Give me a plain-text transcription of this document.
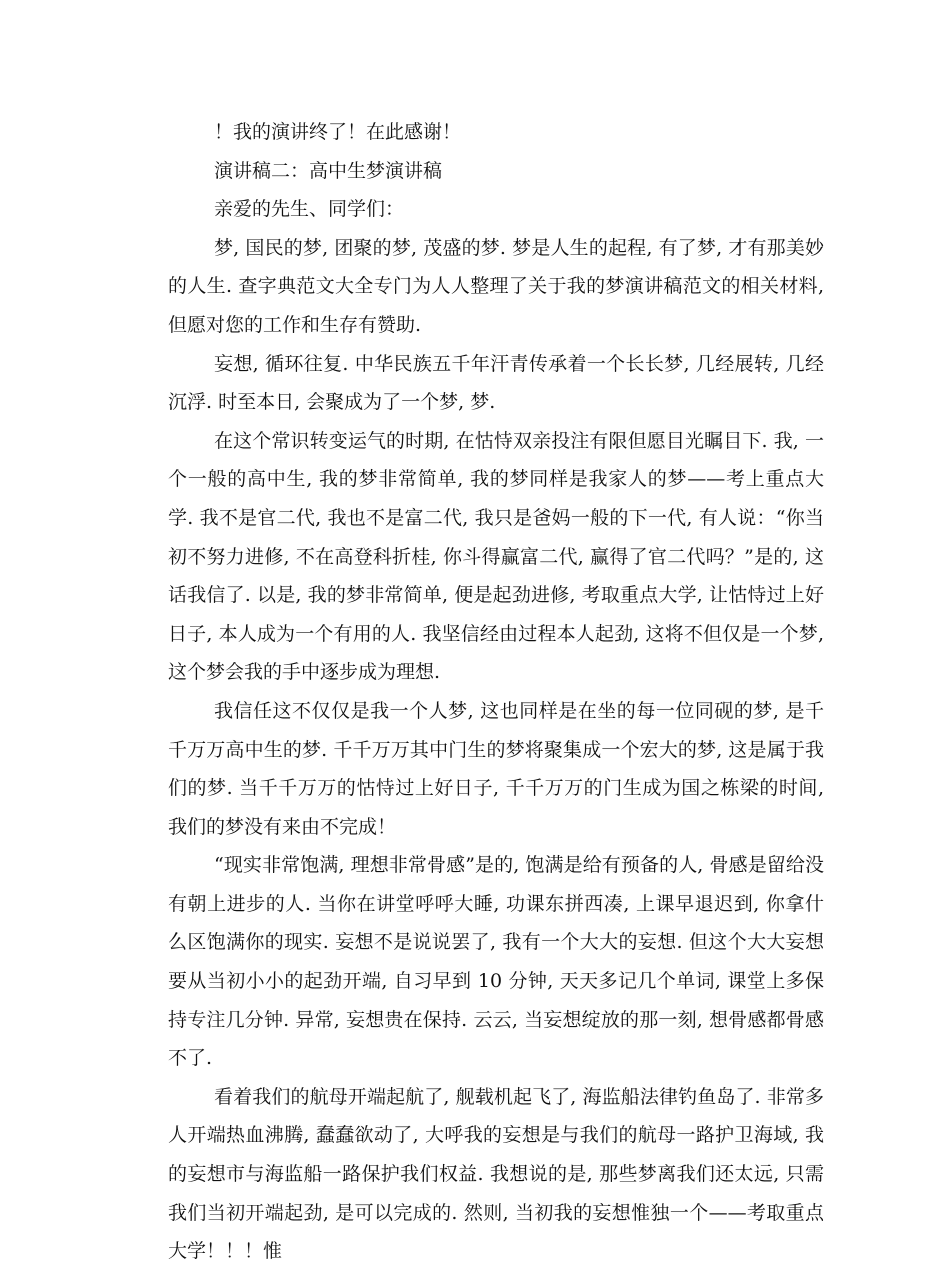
！我的演讲终了！在此感谢！

演讲稿二：高中生梦演讲稿

亲爱的先生、同学们：

梦, 国民的梦, 团聚的梦, 茂盛的梦. 梦是人生的起程, 有了梦, 才有那美妙的人生. 查字典范文大全专门为人人整理了关于我的梦演讲稿范文的相关材料, 但愿对您的工作和生存有赞助.

妄想, 循环往复. 中华民族五千年汗青传承着一个长长梦, 几经展转, 几经沉浮. 时至本日, 会聚成为了一个梦, 梦.

在这个常识转变运气的时期, 在怙恃双亲投注有限但愿目光瞩目下. 我, 一个一般的高中生, 我的梦非常简单, 我的梦同样是我家人的梦——考上重点大学. 我不是官二代, 我也不是富二代, 我只是爸妈一般的下一代, 有人说：“你当初不努力进修, 不在高登科折桂, 你斗得赢富二代, 赢得了官二代吗？”是的, 这话我信了. 以是, 我的梦非常简单, 便是起劲进修, 考取重点大学, 让怙恃过上好日子, 本人成为一个有用的人. 我坚信经由过程本人起劲, 这将不但仅是一个梦, 这个梦会我的手中逐步成为理想.

我信任这不仅仅是我一个人梦, 这也同样是在坐的每一位同砚的梦, 是千千万万高中生的梦. 千千万万其中门生的梦将聚集成一个宏大的梦, 这是属于我们的梦. 当千千万万的怙恃过上好日子, 千千万万的门生成为国之栋梁的时间, 我们的梦没有来由不完成！

“现实非常饱满, 理想非常骨感”是的, 饱满是给有预备的人, 骨感是留给没有朝上进步的人. 当你在讲堂呼呼大睡, 功课东拼西凑, 上课早退迟到, 你拿什么区饱满你的现实. 妄想不是说说罢了, 我有一个大大的妄想. 但这个大大妄想要从当初小小的起劲开端, 自习早到 10 分钟, 天天多记几个单词, 课堂上多保持专注几分钟. 异常, 妄想贵在保持. 云云, 当妄想绽放的那一刻, 想骨感都骨感不了.

看着我们的航母开端起航了, 舰载机起飞了, 海监船法律钓鱼岛了. 非常多人开端热血沸腾, 蠢蠢欲动了, 大呼我的妄想是与我们的航母一路护卫海域, 我的妄想市与海监船一路保护我们权益. 我想说的是, 那些梦离我们还太远, 只需我们当初开端起劲, 是可以完成的. 然则, 当初我的妄想惟独一个——考取重点大学！！！惟
